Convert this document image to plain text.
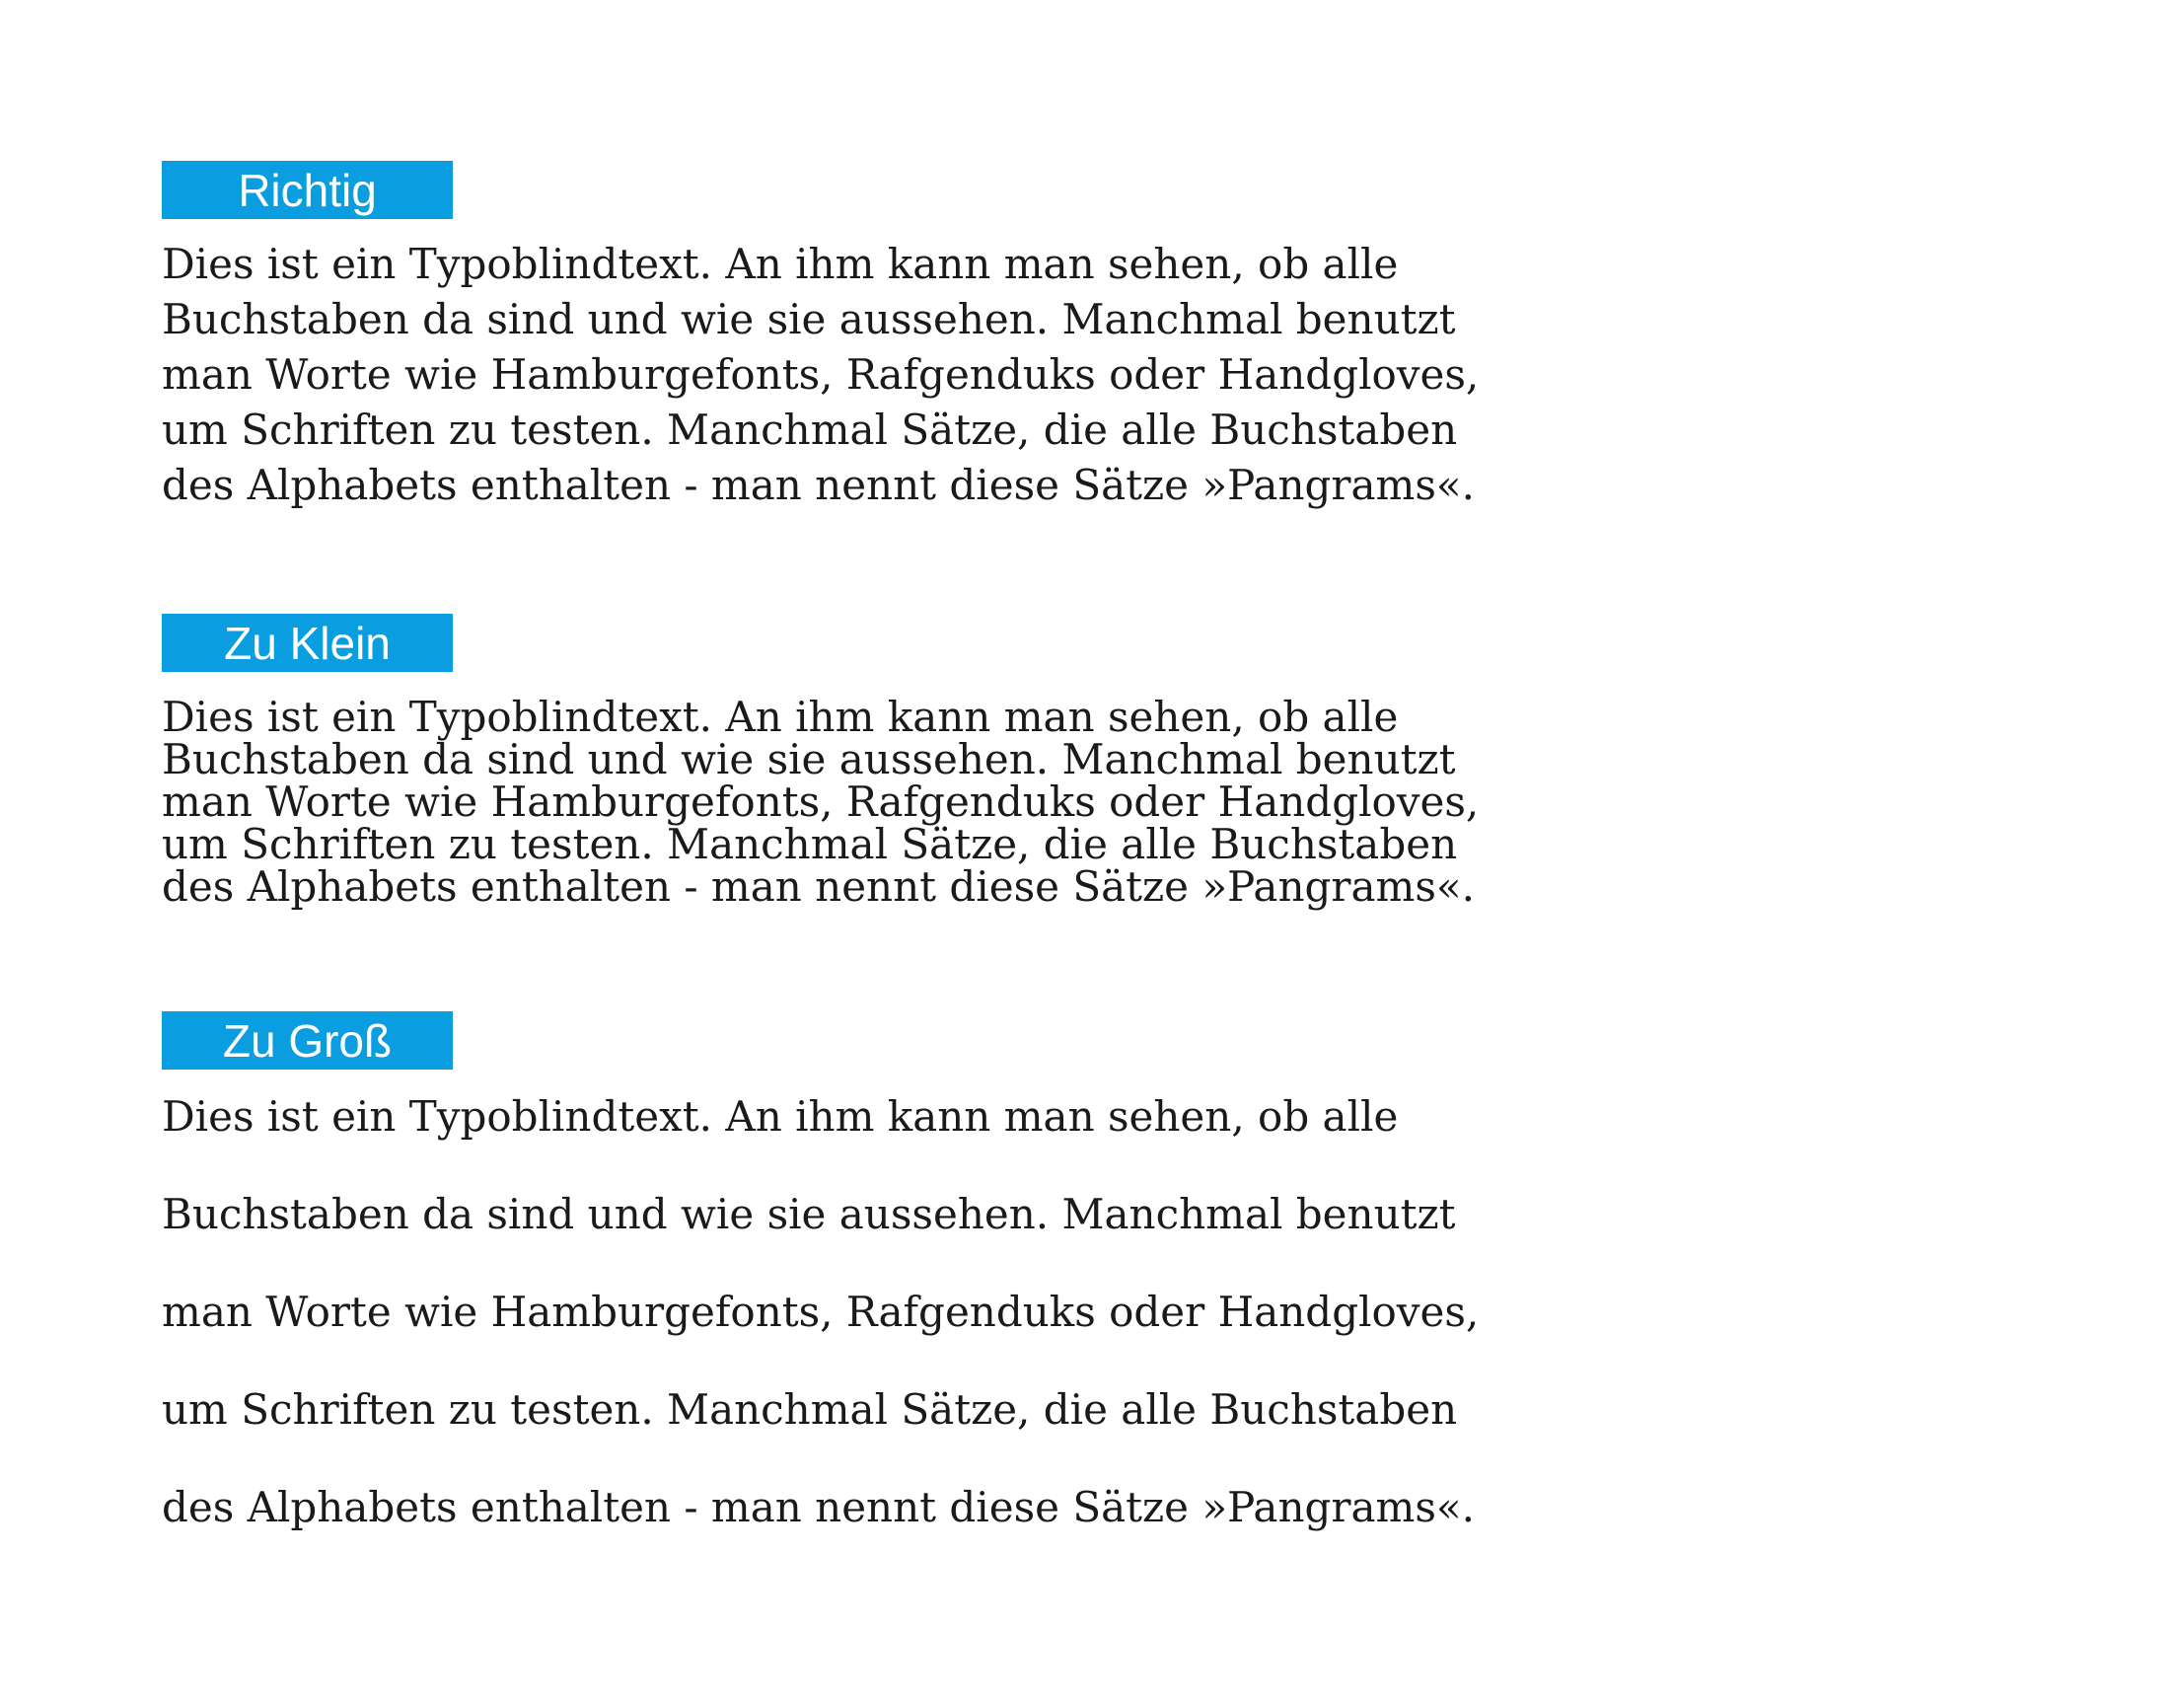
Richtig
Dies ist ein Typoblindtext. An ihm kann man sehen, ob alle
Buchstaben da sind und wie sie aussehen. Manchmal benutzt
man Worte wie Hamburgefonts, Rafgenduks oder Handgloves,
um Schriften zu testen. Manchmal Sätze, die alle Buchstaben
des Alphabets enthalten - man nennt diese Sätze »Pangrams«.
Zu Klein
Dies ist ein Typoblindtext. An ihm kann man sehen, ob alle
Buchstaben da sind und wie sie aussehen. Manchmal benutzt
man Worte wie Hamburgefonts, Rafgenduks oder Handgloves,
um Schriften zu testen. Manchmal Sätze, die alle Buchstaben
des Alphabets enthalten - man nennt diese Sätze »Pangrams«.
Zu Groß
Dies ist ein Typoblindtext. An ihm kann man sehen, ob alle
Buchstaben da sind und wie sie aussehen. Manchmal benutzt
man Worte wie Hamburgefonts, Rafgenduks oder Handgloves,
um Schriften zu testen. Manchmal Sätze, die alle Buchstaben
des Alphabets enthalten - man nennt diese Sätze »Pangrams«.
